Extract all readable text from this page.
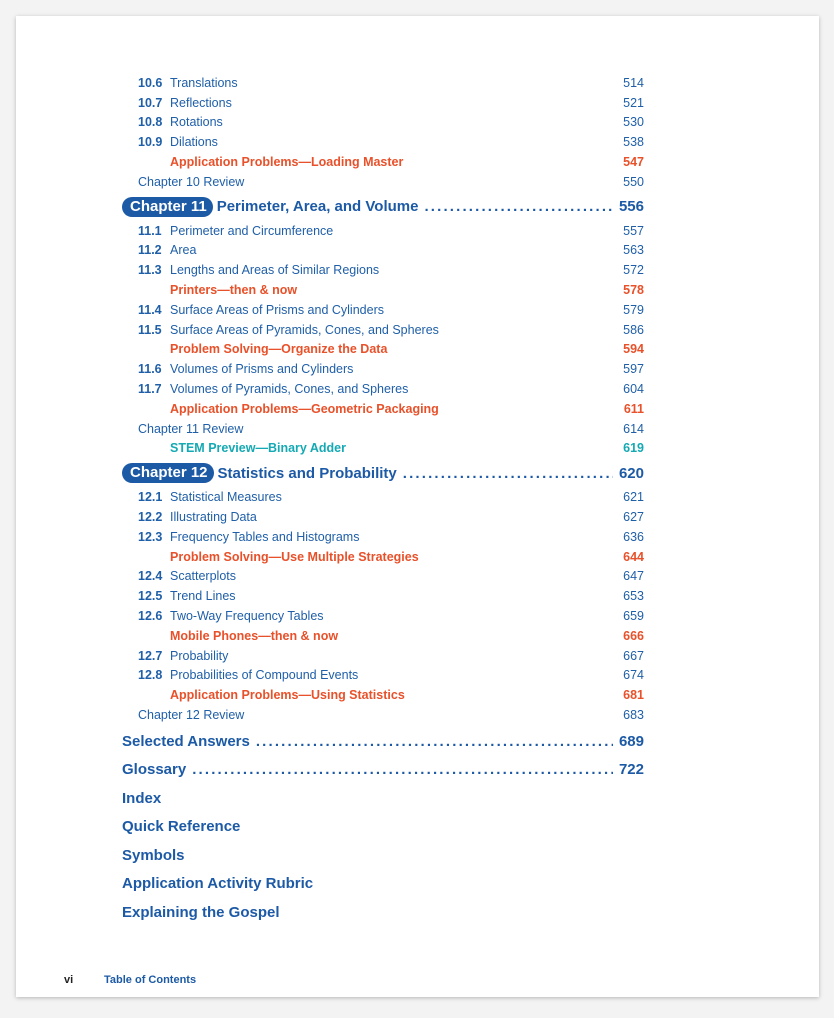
10.6 Translations	514
10.7 Reflections	521
10.8 Rotations	530
10.9 Dilations	538
Application Problems—Loading Master	547
Chapter 10 Review	550
Chapter 11 Perimeter, Area, and Volume . . .	556
11.1 Perimeter and Circumference	557
11.2 Area	563
11.3 Lengths and Areas of Similar Regions	572
Printers—then & now	578
11.4 Surface Areas of Prisms and Cylinders	579
11.5 Surface Areas of Pyramids, Cones, and Spheres	586
Problem Solving—Organize the Data	594
11.6 Volumes of Prisms and Cylinders	597
11.7 Volumes of Pyramids, Cones, and Spheres	604
Application Problems—Geometric Packaging	611
Chapter 11 Review	614
STEM Preview—Binary Adder	619
Chapter 12 Statistics and Probability . . .	620
12.1 Statistical Measures	621
12.2 Illustrating Data	627
12.3 Frequency Tables and Histograms	636
Problem Solving—Use Multiple Strategies	644
12.4 Scatterplots	647
12.5 Trend Lines	653
12.6 Two-Way Frequency Tables	659
Mobile Phones—then & now	666
12.7 Probability	667
12.8 Probabilities of Compound Events	674
Application Problems—Using Statistics	681
Chapter 12 Review	683
Selected Answers . . .	689
Glossary . . .	722
Index
Quick Reference
Symbols
Application Activity Rubric
Explaining the Gospel
vi	Table of Contents
